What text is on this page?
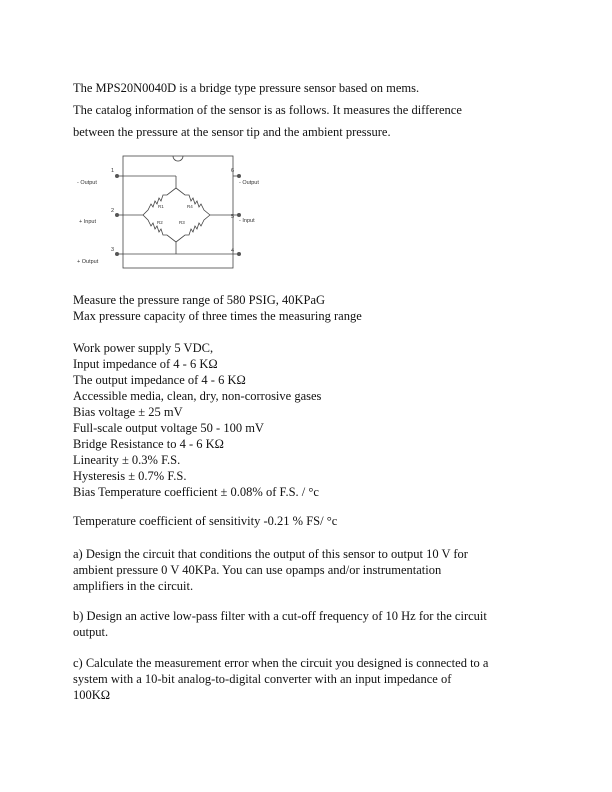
The MPS20N0040D is a bridge type pressure sensor based on mems.

The catalog information of the sensor is as follows. It measures the difference

between the pressure at the sensor tip and the ambient pressure.

- Output
1
+ Input
2
+ Output
3	4
5
- Input
6
- Output
R1	R4
R2	R3

Measure the pressure range of 580 PSIG, 40KPaG

Max pressure capacity of three times the measuring range

Work power supply 5 VDC,

Input impedance of 4 - 6 KΩ

The output impedance of 4 - 6 KΩ

Accessible media, clean, dry, non-corrosive gases

Bias voltage ± 25 mV

Full-scale output voltage 50 - 100 mV

Bridge Resistance to 4 - 6 KΩ

Linearity ± 0.3% F.S.

Hysteresis ± 0.7% F.S.

Bias Temperature coefficient ± 0.08% of F.S. / °c

Temperature coefficient of sensitivity -0.21 % FS/ °c

a) Design the circuit that conditions the output of this sensor to output 10 V for

ambient pressure 0 V 40KPa. You can use opamps and/or instrumentation

amplifiers in the circuit.

b) Design an active low-pass filter with a cut-off frequency of 10 Hz for the circuit

output.

c) Calculate the measurement error when the circuit you designed is connected to a

system with a 10-bit analog-to-digital converter with an input impedance of

100KΩ
